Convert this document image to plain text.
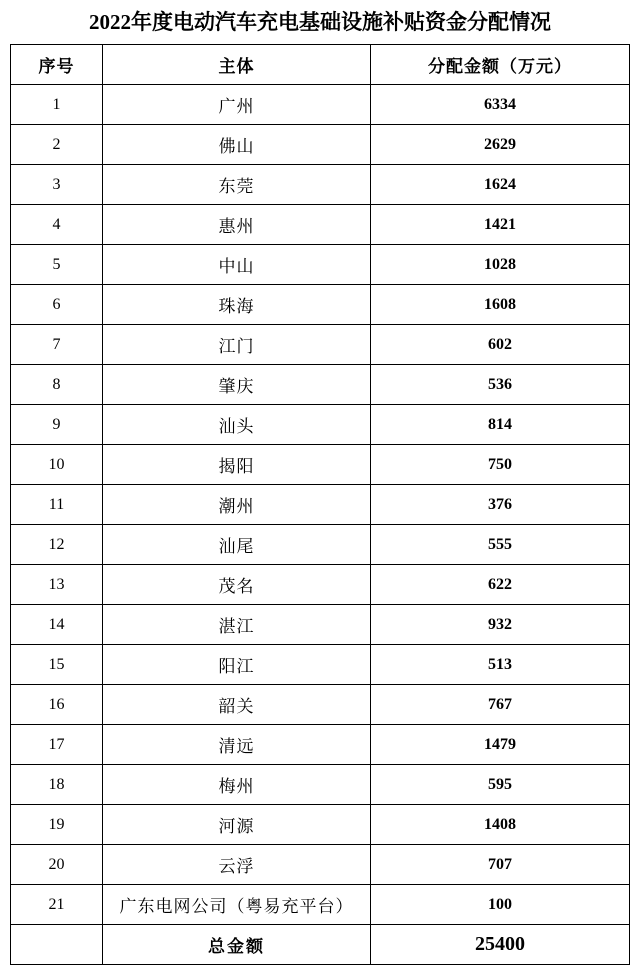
2022年度电动汽车充电基础设施补贴资金分配情况
序号	主体	分配金额（万元）
1	广州	6334
2	佛山	2629
3	东莞	1624
4	惠州	1421
5	中山	1028
6	珠海	1608
7	江门	602
8	肇庆	536
9	汕头	814
10	揭阳	750
11	潮州	376
12	汕尾	555
13	茂名	622
14	湛江	932
15	阳江	513
16	韶关	767
17	清远	1479
18	梅州	595
19	河源	1408
20	云浮	707
21	广东电网公司（粤易充平台）	100
	总金额	25400
